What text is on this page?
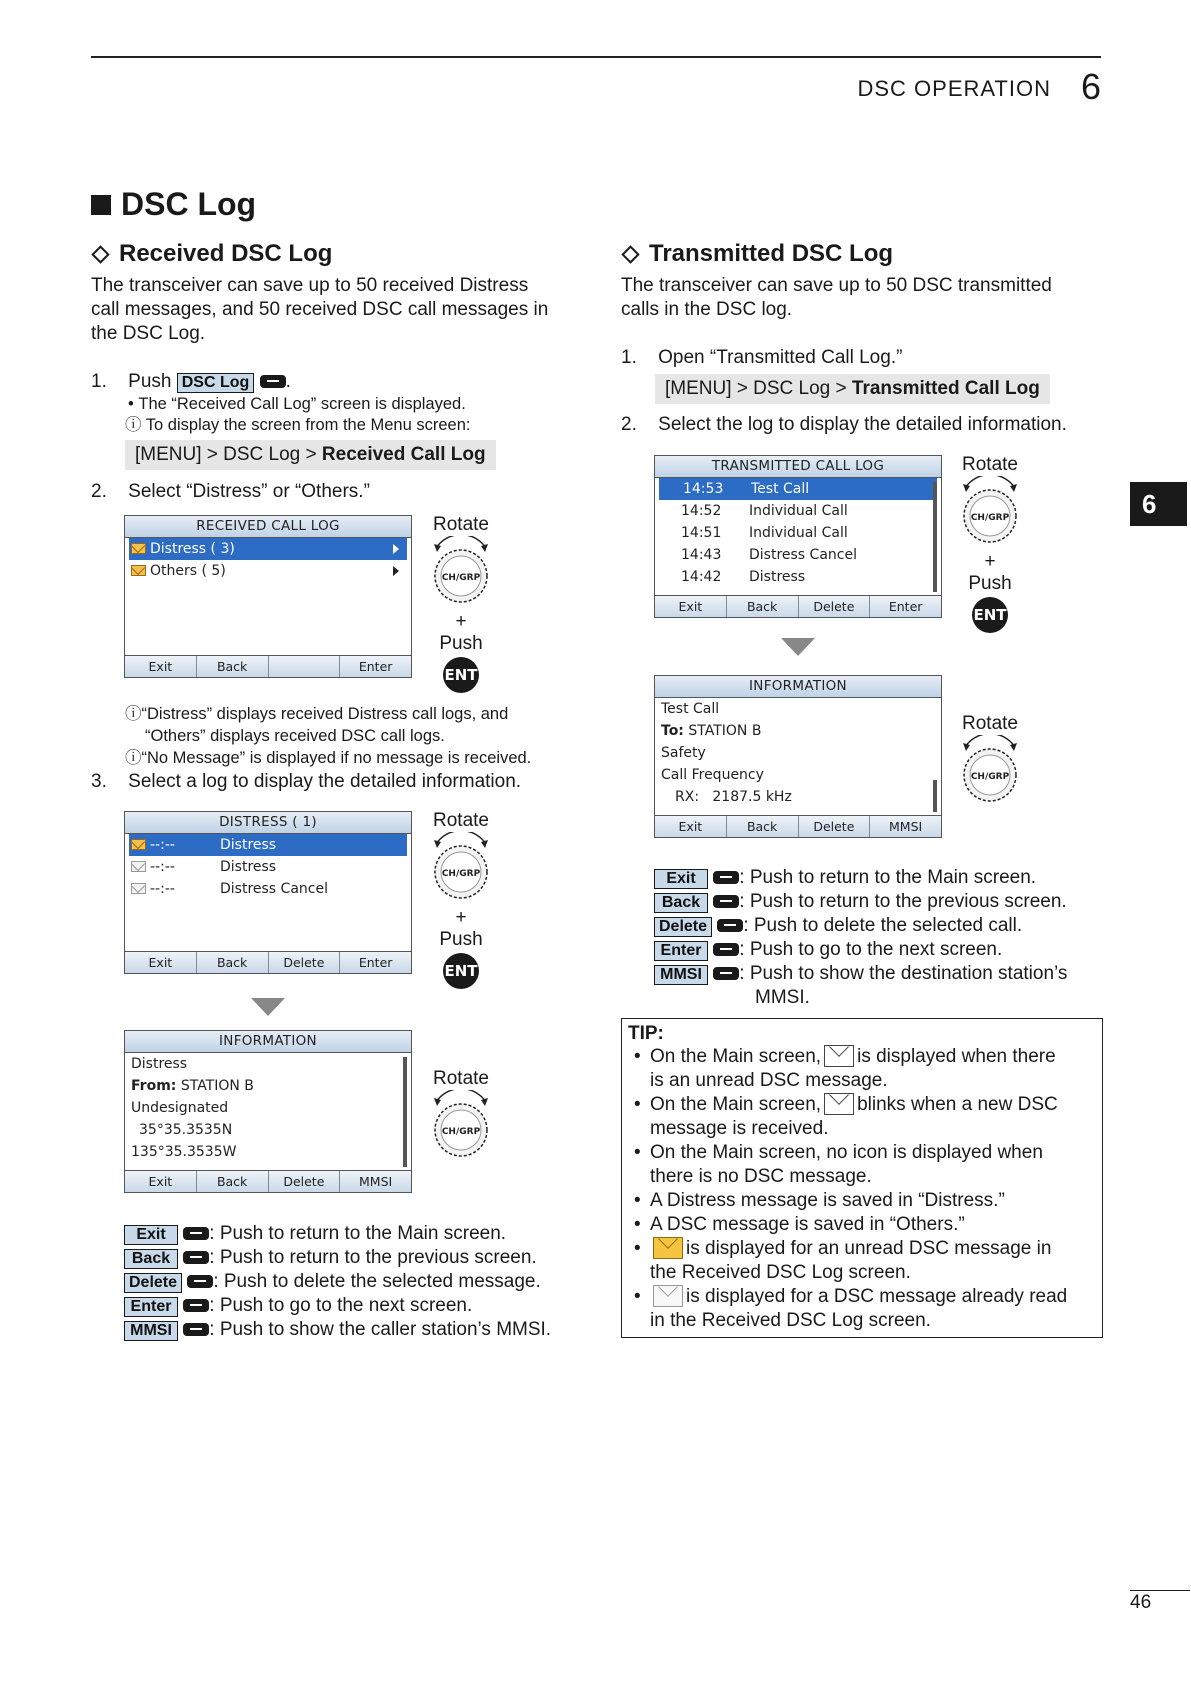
DSC OPERATION 6
6
DSC Log
Received DSC Log
The transceiver can save up to 50 received Distress
call messages, and 50 received DSC call messages in
the DSC Log.
1. Push DSC Log .
• The “Received Call Log” screen is displayed.
ⓘ To display the screen from the Menu screen:
[MENU] > DSC Log > Received Call Log
2. Select “Distress” or “Others.”
RECEIVED CALL LOG
Distress ( 3)
Others ( 5)
Exit	Back	Enter
Rotate
CH/GRP
+
Push
ENT
ⓘ“Distress” displays received Distress call logs, and
“Others” displays received DSC call logs.
ⓘ“No Message” is displayed if no message is received.
3. Select a log to display the detailed information.
DISTRESS ( 1)
--:--	Distress
--:--	Distress
--:--	Distress Cancel
Exit	Back	Delete	Enter
Rotate
CH/GRP
+
Push
ENT
INFORMATION
Distress
From: STATION B
Undesignated
35°35.3535N
135°35.3535W
Exit	Back	Delete	MMSI
Rotate
CH/GRP
Exit : Push to return to the Main screen.
Back : Push to return to the previous screen.
Delete : Push to delete the selected message.
Enter : Push to go to the next screen.
MMSI : Push to show the caller station’s MMSI.
Transmitted DSC Log
The transceiver can save up to 50 DSC transmitted
calls in the DSC log.
1. Open “Transmitted Call Log.”
[MENU] > DSC Log > Transmitted Call Log
2. Select the log to display the detailed information.
TRANSMITTED CALL LOG
14:53 Test Call
14:52 Individual Call
14:51 Individual Call
14:43 Distress Cancel
14:42 Distress
Exit	Back	Delete	Enter
Rotate
CH/GRP
+
Push
ENT
INFORMATION
Test Call
To: STATION B
Safety
Call Frequency
RX:   2187.5 kHz
Exit	Back	Delete	MMSI
Rotate
CH/GRP
Exit : Push to return to the Main screen.
Back : Push to return to the previous screen.
Delete : Push to delete the selected call.
Enter : Push to go to the next screen.
MMSI : Push to show the destination station’s
MMSI.
TIP:
• On the Main screen, is displayed when there
is an unread DSC message.
• On the Main screen, blinks when a new DSC
message is received.
• On the Main screen, no icon is displayed when
there is no DSC message.
• A Distress message is saved in “Distress.”
• A DSC message is saved in “Others.”
• is displayed for an unread DSC message in
the Received DSC Log screen.
• is displayed for a DSC message already read
in the Received DSC Log screen.
46
